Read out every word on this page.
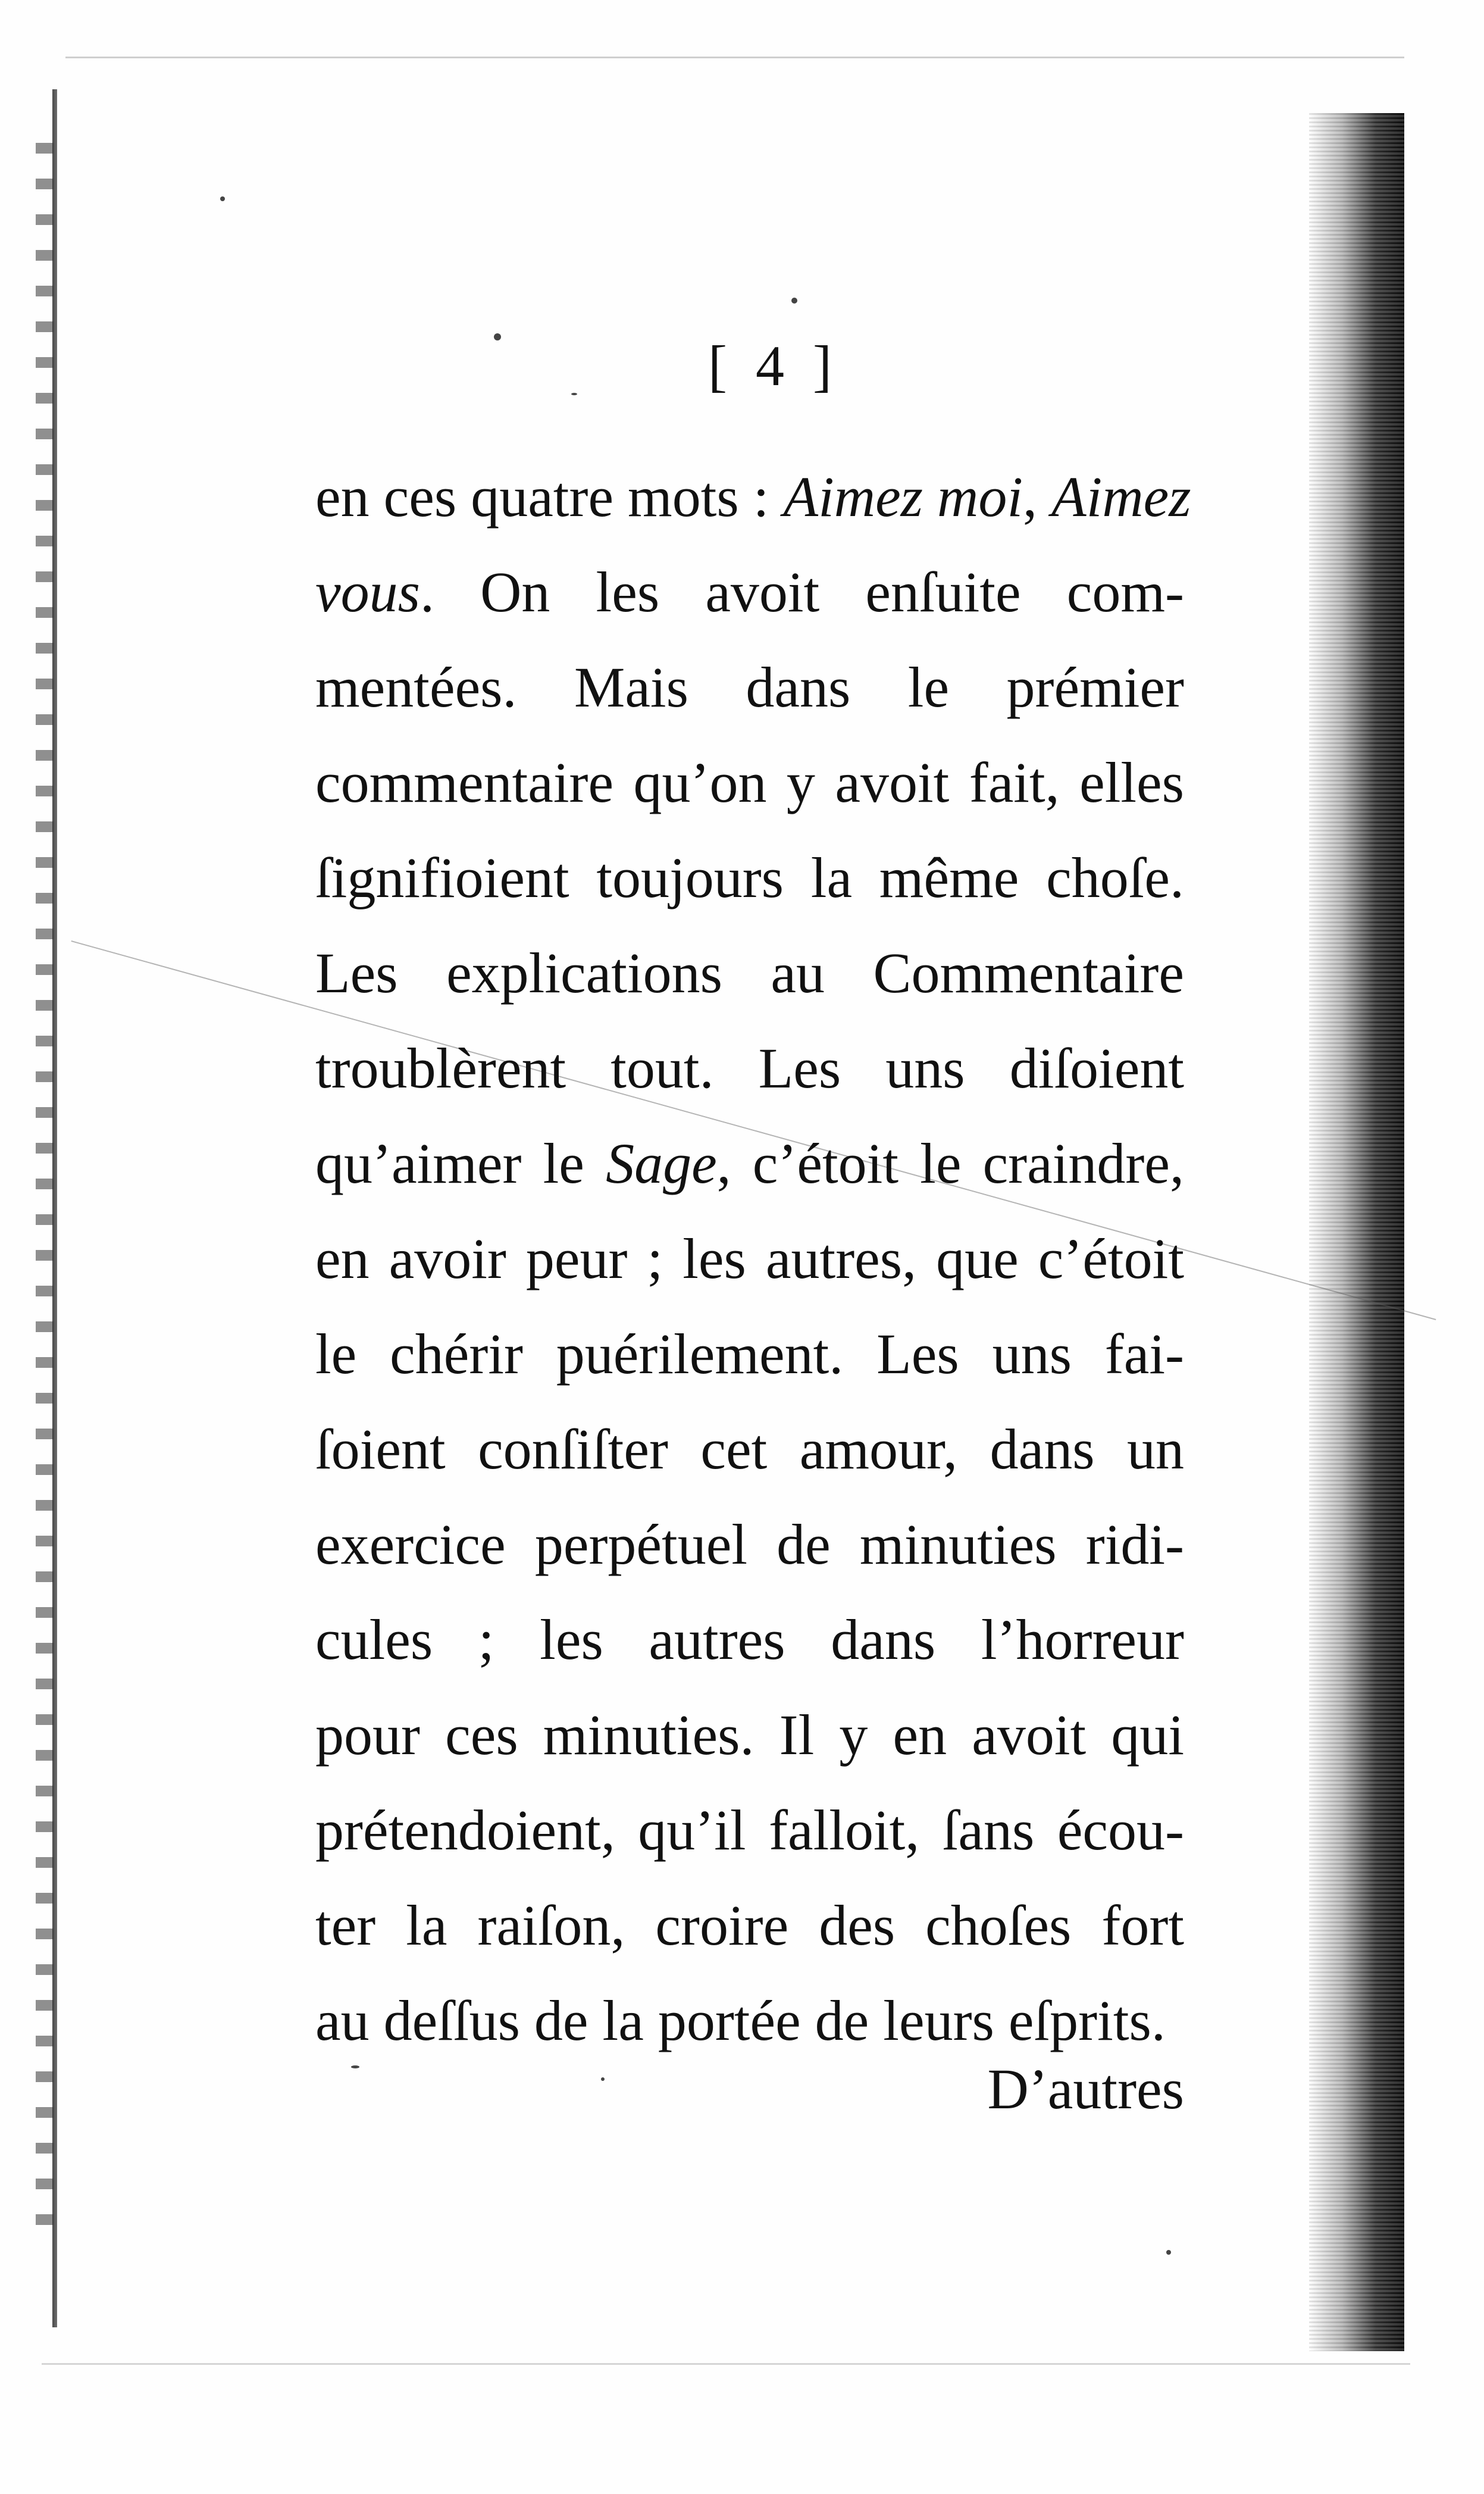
[ 4 ]
en ces quatre mots : Aimez moi, Aimez
vous. On les avoit enſuite com-
mentées. Mais dans le prémier
commentaire qu’on y avoit fait, elles
ſignifioient toujours la même choſe.
Les explications au Commentaire
troublèrent tout. Les uns diſoient
qu’aimer le Sage, c’étoit le craindre,
en avoir peur ; les autres, que c’étoit
le chérir puérilement. Les uns fai-
ſoient conſiſter cet amour, dans un
exercice perpétuel de minuties ridi-
cules ; les autres dans l’horreur
pour ces minuties. Il y en avoit qui
prétendoient, qu’il falloit, ſans écou-
ter la raiſon, croire des choſes fort
au deſſus de la portée de leurs eſprits.
D’autres
